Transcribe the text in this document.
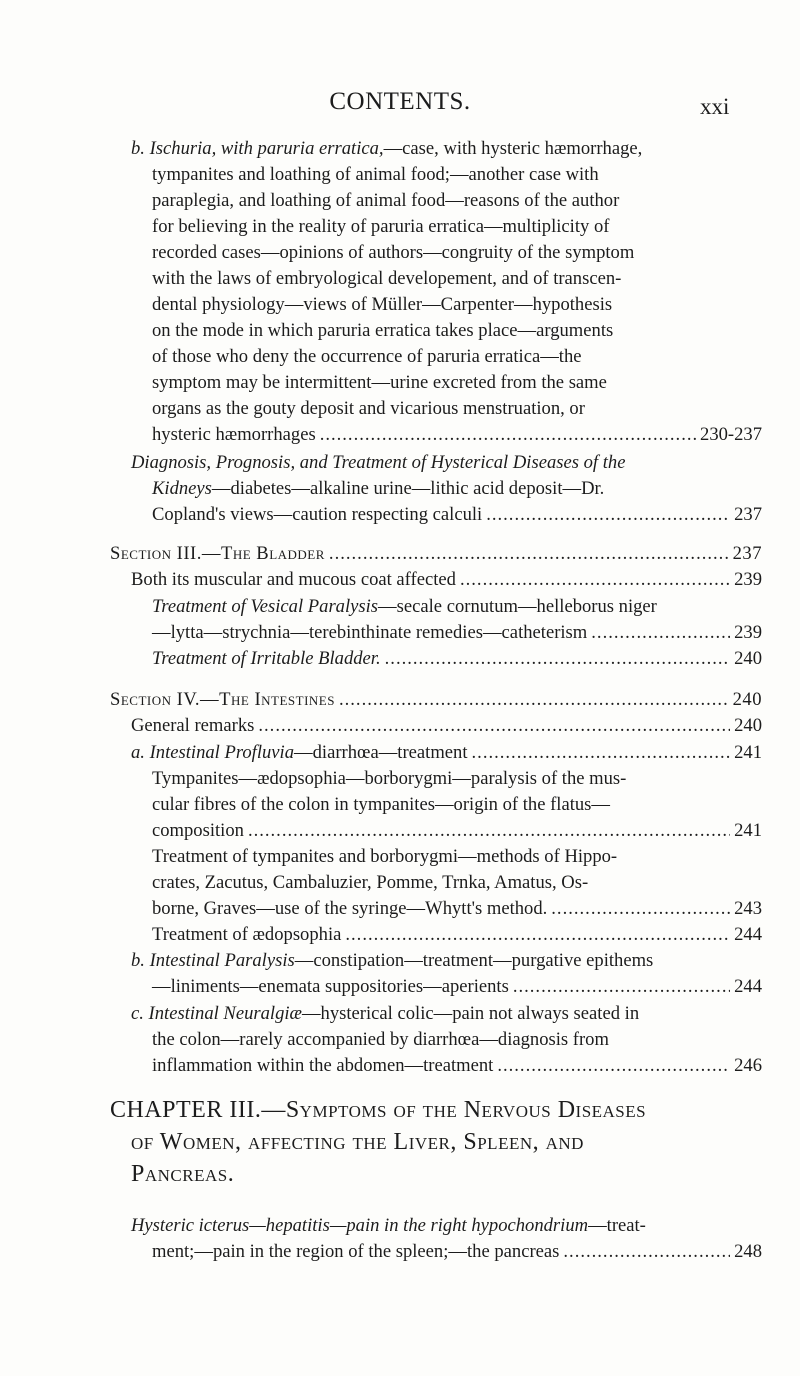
CONTENTS.	xxi
b. Ischuria, with paruria erratica,—case, with hysteric hæmorrhage,
tympanites and loathing of animal food;—another case with
paraplegia, and loathing of animal food—reasons of the author
for believing in the reality of paruria erratica—multiplicity of
recorded cases—opinions of authors—congruity of the symptom
with the laws of embryological developement, and of transcen-
dental physiology—views of Müller—Carpenter—hypothesis
on the mode in which paruria erratica takes place—arguments
of those who deny the occurrence of paruria erratica—the
symptom may be intermittent—urine excreted from the same
organs as the gouty deposit and vicarious menstruation, or
hysteric hæmorrhages .....	230-237
Diagnosis, Prognosis, and Treatment of Hysterical Diseases of the
Kidneys—diabetes—alkaline urine—lithic acid deposit—Dr.
Copland's views—caution respecting calculi .....	237
Section III.—The Bladder .....	237
Both its muscular and mucous coat affected .....	239
Treatment of Vesical Paralysis—secale cornutum—helleborus niger
—lytta—strychnia—terebinthinate remedies—catheterism .....	239
Treatment of Irritable Bladder. .....	240
Section IV.—The Intestines .....	240
General remarks .....	240
a. Intestinal Profluvia—diarrhœa—treatment .....	241
Tympanites—ædopsophia—borborygmi—paralysis of the mus-
cular fibres of the colon in tympanites—origin of the flatus—
composition .....	241
Treatment of tympanites and borborygmi—methods of Hippo-
crates, Zacutus, Cambaluzier, Pomme, Trnka, Amatus, Os-
borne, Graves—use of the syringe—Whytt's method. .....	243
Treatment of ædopsophia .....	244
b. Intestinal Paralysis—constipation—treatment—purgative epithems
—liniments—enemata suppositories—aperients .....	244
c. Intestinal Neuralgiæ—hysterical colic—pain not always seated in
the colon—rarely accompanied by diarrhœa—diagnosis from
inflammation within the abdomen—treatment .....	246
CHAPTER III.—Symptoms of the Nervous Diseases
of Women, affecting the Liver, Spleen, and
Pancreas.
Hysteric icterus—hepatitis—pain in the right hypochondrium—treat-
ment;—pain in the region of the spleen;—the pancreas .....	248
